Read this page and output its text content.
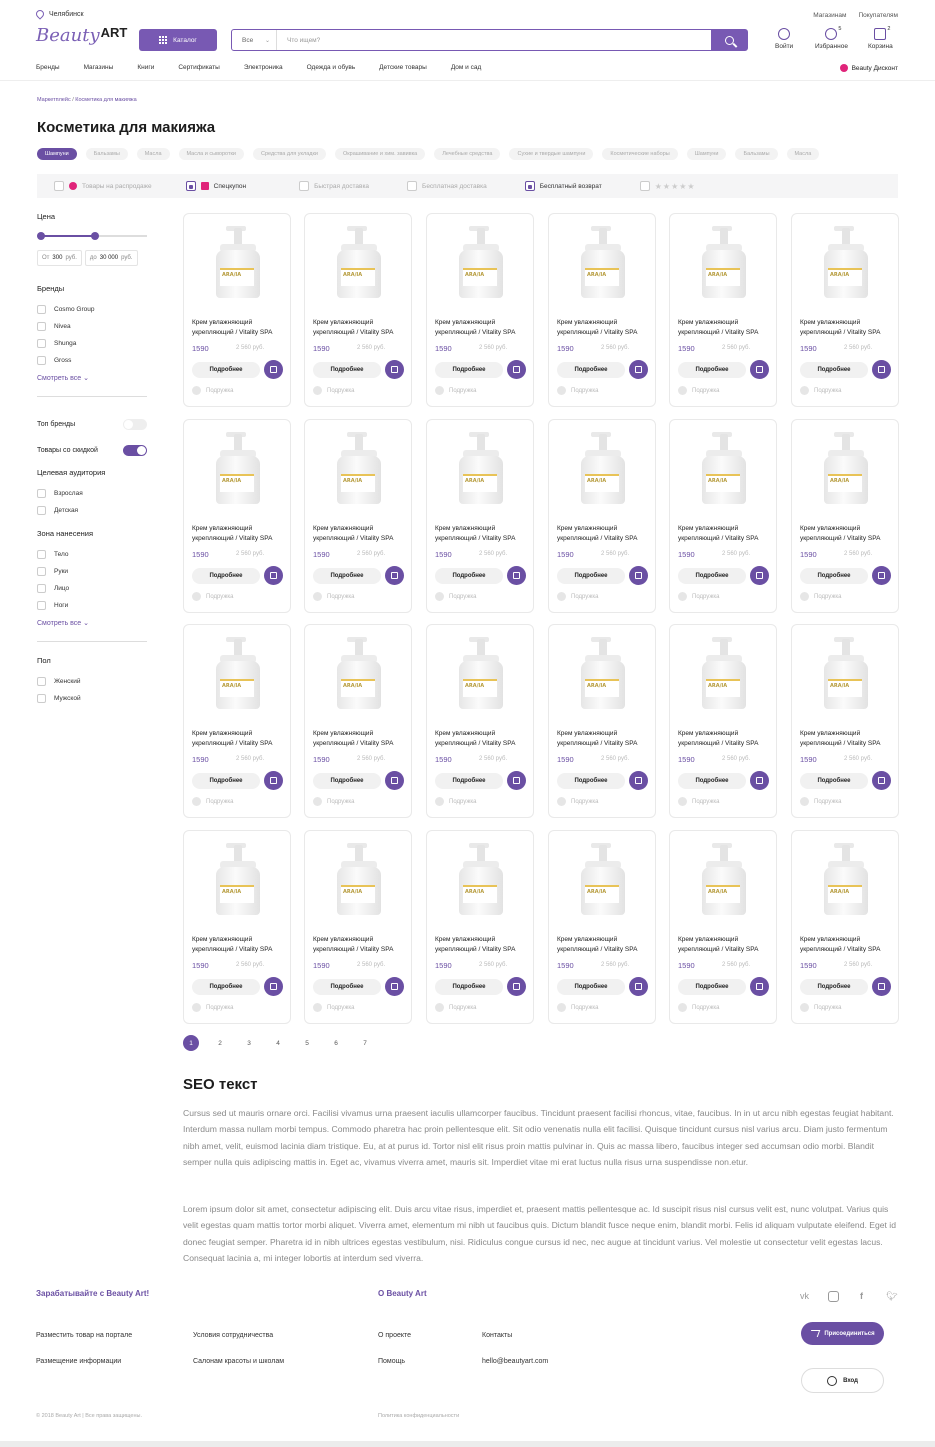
Челябинск	Магазинам Покупателям
Beauty ART	Каталог	Все ⌄	Что ищем?
Войти
5
Избранное
2
Корзина
Бренды	Магазины	Книги	Сертификаты	Электроника	Одежда и обувь	Детские товары	Дом и сад	Beauty Дисконт
Маркетплейс / Косметика для макияжа
Косметика для макияжа
Шампуни	Бальзамы	Масла	Масла и сыворотки	Средства для укладки	Окрашивание и хим. завивка	Лечебные средства	Сухие и твердые шампуни	Косметические наборы	Шампуни	Бальзамы	Масла
Товары на распродаже	Спецкупон	Быстрая доставка	Бесплатная доставка	Бесплатный возврат	★★★★★
Цена
От 300 руб. до 30 000 руб.
Бренды
Cosmo Group
Nivea
Shunga
Gross
Смотреть все ⌄
Топ бренды
Товары со скидкой
Целевая аудитория
Взрослая
Детская
Зона нанесения
Тело
Руки
Лицо
Ноги
Смотреть все ⌄
Пол
Женский
Мужской
ARA/IA
Крем увлажняющий
укрепляющий / Vitality SPA
1590	2 560 руб.
Подробнее
Подружка
ARA/IA
Крем увлажняющий
укрепляющий / Vitality SPA
1590	2 560 руб.
Подробнее
Подружка
ARA/IA
Крем увлажняющий
укрепляющий / Vitality SPA
1590	2 560 руб.
Подробнее
Подружка
ARA/IA
Крем увлажняющий
укрепляющий / Vitality SPA
1590	2 560 руб.
Подробнее
Подружка
ARA/IA
Крем увлажняющий
укрепляющий / Vitality SPA
1590	2 560 руб.
Подробнее
Подружка
ARA/IA
Крем увлажняющий
укрепляющий / Vitality SPA
1590	2 560 руб.
Подробнее
Подружка
ARA/IA
Крем увлажняющий
укрепляющий / Vitality SPA
1590	2 560 руб.
Подробнее
Подружка
ARA/IA
Крем увлажняющий
укрепляющий / Vitality SPA
1590	2 560 руб.
Подробнее
Подружка
ARA/IA
Крем увлажняющий
укрепляющий / Vitality SPA
1590	2 560 руб.
Подробнее
Подружка
ARA/IA
Крем увлажняющий
укрепляющий / Vitality SPA
1590	2 560 руб.
Подробнее
Подружка
ARA/IA
Крем увлажняющий
укрепляющий / Vitality SPA
1590	2 560 руб.
Подробнее
Подружка
ARA/IA
Крем увлажняющий
укрепляющий / Vitality SPA
1590	2 560 руб.
Подробнее
Подружка
ARA/IA
Крем увлажняющий
укрепляющий / Vitality SPA
1590	2 560 руб.
Подробнее
Подружка
ARA/IA
Крем увлажняющий
укрепляющий / Vitality SPA
1590	2 560 руб.
Подробнее
Подружка
ARA/IA
Крем увлажняющий
укрепляющий / Vitality SPA
1590	2 560 руб.
Подробнее
Подружка
ARA/IA
Крем увлажняющий
укрепляющий / Vitality SPA
1590	2 560 руб.
Подробнее
Подружка
ARA/IA
Крем увлажняющий
укрепляющий / Vitality SPA
1590	2 560 руб.
Подробнее
Подружка
ARA/IA
Крем увлажняющий
укрепляющий / Vitality SPA
1590	2 560 руб.
Подробнее
Подружка
ARA/IA
Крем увлажняющий
укрепляющий / Vitality SPA
1590	2 560 руб.
Подробнее
Подружка
ARA/IA
Крем увлажняющий
укрепляющий / Vitality SPA
1590	2 560 руб.
Подробнее
Подружка
ARA/IA
Крем увлажняющий
укрепляющий / Vitality SPA
1590	2 560 руб.
Подробнее
Подружка
ARA/IA
Крем увлажняющий
укрепляющий / Vitality SPA
1590	2 560 руб.
Подробнее
Подружка
ARA/IA
Крем увлажняющий
укрепляющий / Vitality SPA
1590	2 560 руб.
Подробнее
Подружка
ARA/IA
Крем увлажняющий
укрепляющий / Vitality SPA
1590	2 560 руб.
Подробнее
Подружка
1	2	3	4	5	6	7
SEO текст
Cursus sed ut mauris ornare orci. Facilisi vivamus urna praesent iaculis ullamcorper faucibus. Tincidunt praesent facilisi rhoncus, vitae, faucibus. In in ut arcu nibh egestas feugiat habitant. Interdum massa nullam morbi tempus. Commodo pharetra hac proin pellentesque elit. Sit odio venenatis nulla elit facilisi. Quisque tincidunt cursus nisl varius arcu. Diam justo fermentum nibh amet, velit, euismod lacinia diam tristique. Eu, at at purus id. Tortor nisl elit risus proin mattis pulvinar in. Quis ac massa libero, faucibus integer sed accumsan odio morbi. Blandit semper nulla quis adipiscing mattis in. Eget ac, vivamus viverra amet, mauris sit. Imperdiet vitae mi erat luctus nulla risus urna suspendisse non.etur.
Lorem ipsum dolor sit amet, consectetur adipiscing elit. Duis arcu vitae risus, imperdiet et, praesent mattis pellentesque ac. Id suscipit risus nisl cursus velit est, nunc volutpat. Varius quis velit egestas quam mattis tortor morbi aliquet. Viverra amet, elementum mi nibh ut faucibus quis. Dictum blandit fusce neque enim, blandit morbi. Felis id aliquam vulputate eleifend. Eget id donec feugiat semper. Pharetra id in nibh ultrices egestas vestibulum, nisi. Ridiculus congue cursus id nec, nec augue at tincidunt varius. Vel molestie ut consectetur velit egestas lacus. Consequat lacinia a, mi integer lobortis at interdum sed viverra.
Зарабатывайте с Beauty Art!	О Beauty Art
Разместить товар на портале
Размещение информации
Условия сотрудничества
Салонам красоты и школам
О проекте
Помощь
Контакты
hello@beautyart.com
vk	f	🐦︎
Присоединиться
Вход
© 2018 Beauty Art | Все права защищены.	Политика конфиденциальности
